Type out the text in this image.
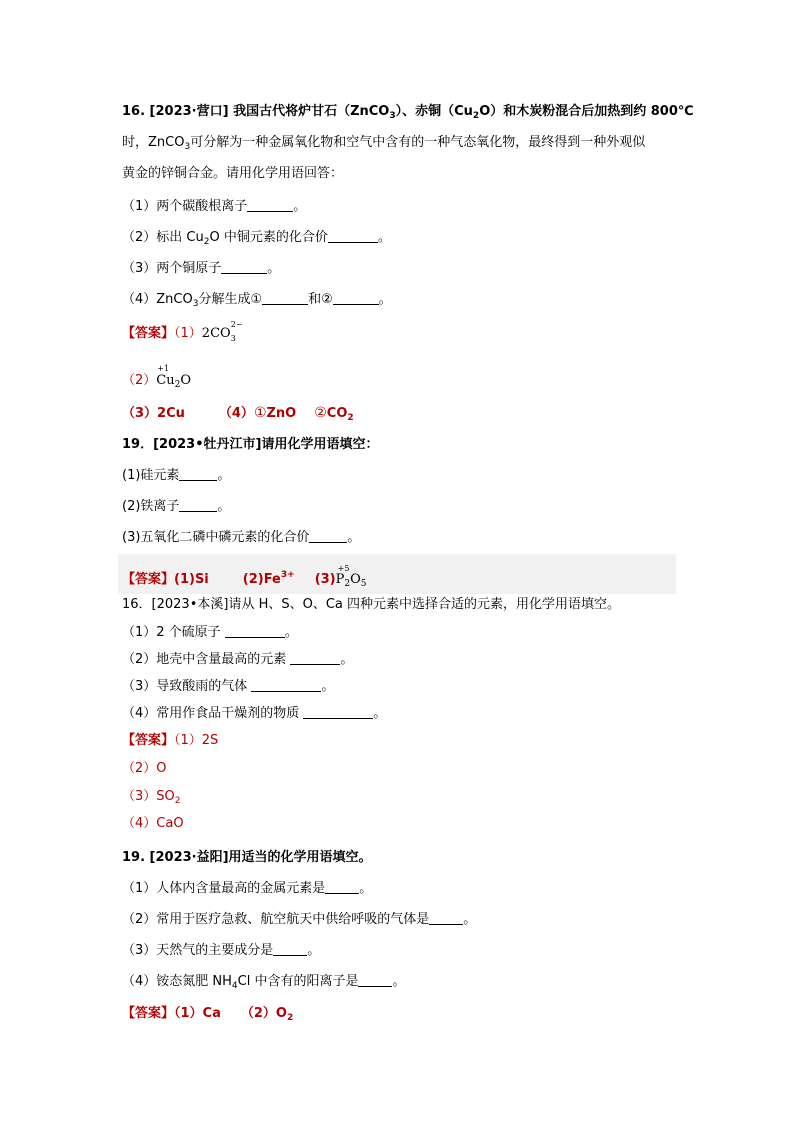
16. [2023·营口] 我国古代将炉甘石（ZnCO$_3$）、赤铜$(Cu_2O)$和木炭粉混合后加热到约 800℃
时，ZnCO$_3$可分解为一种金属氧化物和空气中含有的一种气态氧化物，最终得到一种外观似
黄金的锌铜合金。请用化学用语回答：
（1）两个碳酸根离子	。
（2）标出 $Cu_2O$ 中铜元素的化合价	。
（3）两个铜原子	。
（4）ZnCO$_3$分解生成①	和②	。
【答案】（1）2CO
2−
3

（2）
+1
$Cu_2O$
（3）2Cu	（4）①ZnO $②CO_2$
19．[2023•牡丹江市]请用化学用语填空：
(1)硅元素	。
(2)铁离子	。
(3)五氧化二磷中磷元素的化合价	。
【答案】(1)Si	$(2)Fe^{3+}$ (3)
+5
$P_2O_5$
16．[2023•本溪]请从 H、S、O、Ca 四种元素中选择合适的元素，用化学用语填空。
（1）2 个硫原子	。
（2）地壳中含量最高的元素	。
（3）导致酸雨的气体	。
（4）常用作食品干燥剂的物质	。
【答案】（1）2S
（2）O
$(3)SO_2$
（4）CaO
19. [2023·益阳]用适当的化学用语填空。
（1）人体内含量最高的金属元素是	。
（2）常用于医疗急救、航空航天中供给呼吸的气体是	。
（3）天然气的主要成分是	。
（4）铵态氮肥 $NH_4Cl$ 中含有的阳离子是	。
【答案】（1）Ca $(2)O_2$
